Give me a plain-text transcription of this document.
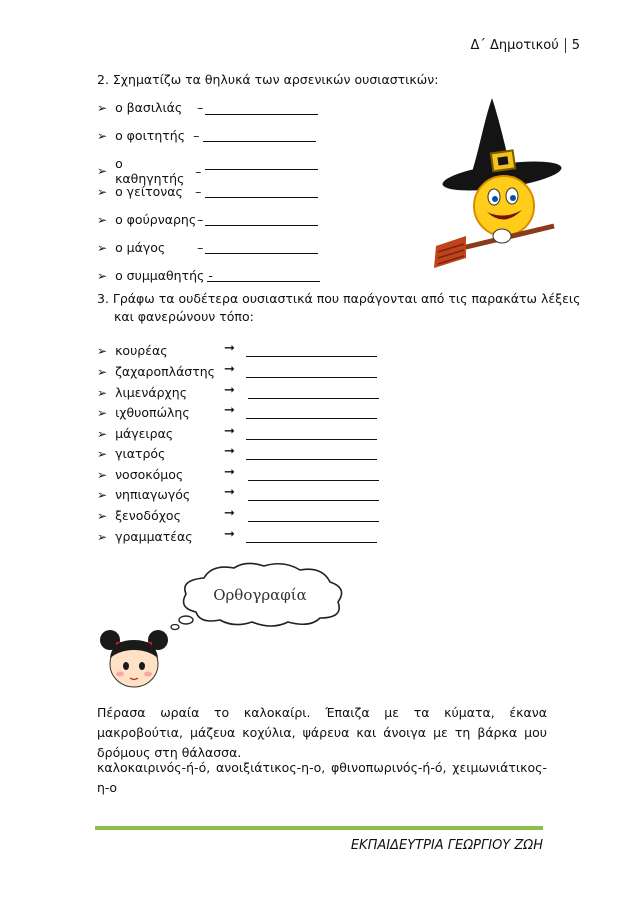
Δ΄ Δημοτικού	5
2. Σχηματίζω τα θηλυκά των αρσενικών ουσιαστικών:
➢ ο βασιλιάς	–
➢ ο φοιτητής –
➢ ο καθηγητής –
➢ ο γείτονας –
➢ ο φούρναρης –
➢ ο μάγος	–
➢ ο συμμαθητής -
3. Γράφω τα ουδέτερα ουσιαστικά που παράγονται από τις παρακάτω λέξεις
και φανερώνουν τόπο:
➢ κουρέας	➞
➢ ζαχαροπλάστης ➞
➢ λιμενάρχης	➞
➢ ιχθυοπώλης	➞
➢ μάγειρας	➞
➢ γιατρός	➞
➢ νοσοκόμος	➞
➢ νηπιαγωγός	➞
➢ ξενοδόχος	➞
➢ γραμματέας ➞
Ορθογραφία
Πέρασα ωραία το καλοκαίρι. Έπαιζα με τα κύματα, έκανα μακροβούτια, μάζευα κοχύλια, ψάρευα και άνοιγα με τη βάρκα μου δρόμους στη θάλασσα.
καλοκαιρινός-ή-ό, ανοιξιάτικος-η-ο, φθινοπωρινός-ή-ό, χειμωνιάτικος-η-ο
ΕΚΠΑΙΔΕΥΤΡΙΑ ΓΕΩΡΓΙΟΥ ΖΩΗ
